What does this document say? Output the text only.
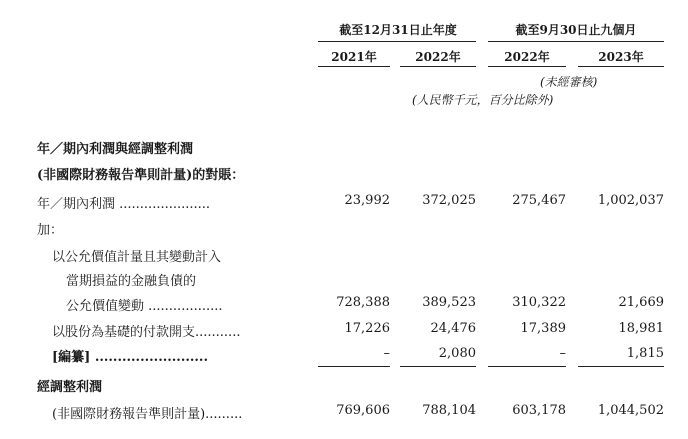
截至12月31日止年度	截至9月30日止九個月
2021年	2022年	2022年	2023年
(未經審核)
(人民幣千元，百分比除外)
年／期內利潤與經調整利潤
(非國際財務報告準則計量)的對賬：
年／期內利潤 ......................	23,992	372,025	275,467	1,002,037
加：
以公允價值計量且其變動計入
當期損益的金融負債的
公允價值變動 ..................	728,388	389,523	310,322	21,669
以股份為基礎的付款開支...........	17,226	24,476	17,389	18,981
[編纂] .........................	–	2,080	–	1,815
經調整利潤
(非國際財務報告準則計量).........	769,606	788,104	603,178	1,044,502
